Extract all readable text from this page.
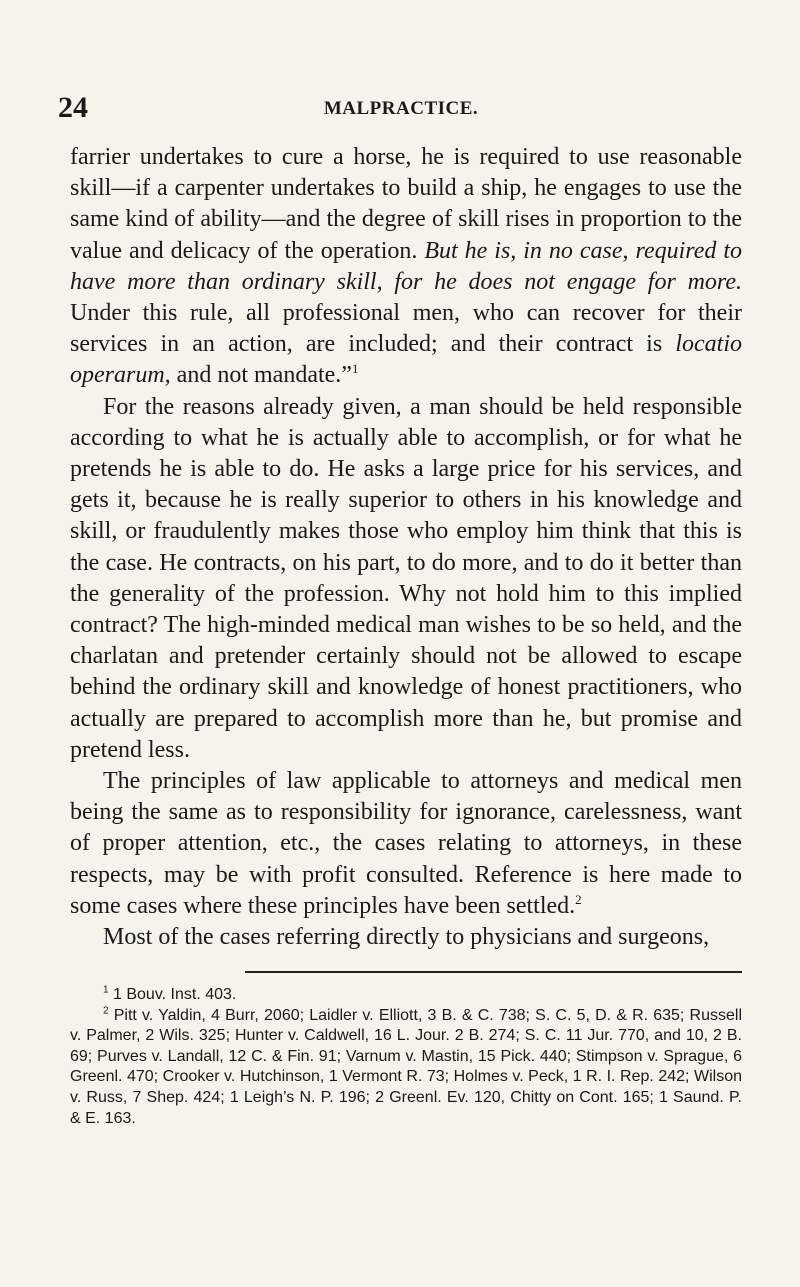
24	MALPRACTICE.

farrier undertakes to cure a horse, he is required to use reasonable skill—if a carpenter undertakes to build a ship, he engages to use the same kind of ability—and the degree of skill rises in proportion to the value and delicacy of the operation. But he is, in no case, required to have more than ordinary skill, for he does not engage for more. Under this rule, all professional men, who can recover for their services in an action, are included; and their contract is locatio operarum, and not mandate.”$^1$

For the reasons already given, a man should be held responsible according to what he is actually able to accomplish, or for what he pretends he is able to do. He asks a large price for his services, and gets it, because he is really superior to others in his knowledge and skill, or fraudulently makes those who employ him think that this is the case. He contracts, on his part, to do more, and to do it better than the generality of the profession. Why not hold him to this implied contract? The high-minded medical man wishes to be so held, and the charlatan and pretender certainly should not be allowed to escape behind the ordinary skill and knowledge of honest practitioners, who actually are prepared to accomplish more than he, but promise and pretend less.

The principles of law applicable to attorneys and medical men being the same as to responsibility for ignorance, carelessness, want of proper attention, etc., the cases relating to attorneys, in these respects, may be with profit consulted. Reference is here made to some cases where these principles have been settled.$^2$

Most of the cases referring directly to physicians and surgeons,

$^1$ 1 Bouv. Inst. 403.

$^2$ Pitt v. Yaldin, 4 Burr, 2060; Laidler v. Elliott, 3 B. & C. 738; S. C. 5, D. & R. 635; Russell v. Palmer, 2 Wils. 325; Hunter v. Caldwell, 16 L. Jour. 2 B. 274; S. C. 11 Jur. 770, and 10, 2 B. 69; Purves v. Landall, 12 C. & Fin. 91; Varnum v. Mastin, 15 Pick. 440; Stimpson v. Sprague, 6 Greenl. 470; Crooker v. Hutchinson, 1 Vermont R. 73; Holmes v. Peck, 1 R. I. Rep. 242; Wilson v. Russ, 7 Shep. 424; 1 Leigh’s N. P. 196; 2 Greenl. Ev. 120, Chitty on Cont. 165; 1 Saund. P. & E. 163.
